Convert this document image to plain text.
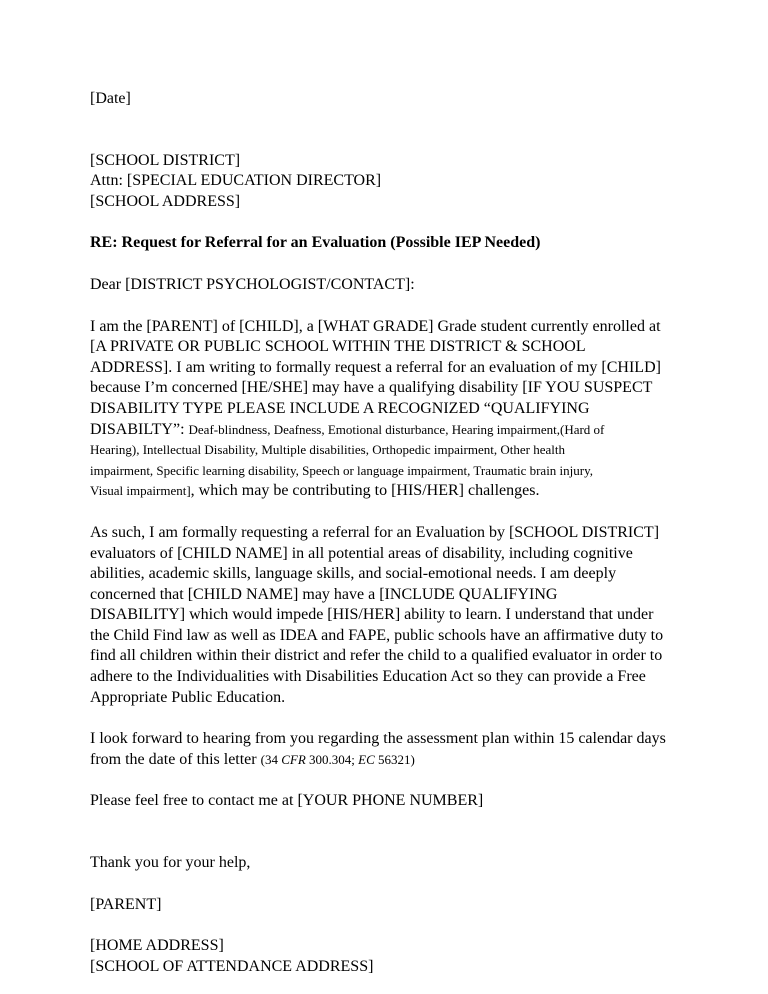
[Date]

[SCHOOL DISTRICT]
Attn: [SPECIAL EDUCATION DIRECTOR]
[SCHOOL ADDRESS]

RE: Request for Referral for an Evaluation (Possible IEP Needed)

Dear [DISTRICT PSYCHOLOGIST/CONTACT]:

I am the [PARENT] of [CHILD], a [WHAT GRADE] Grade student currently enrolled at
[A PRIVATE OR PUBLIC SCHOOL WITHIN THE DISTRICT & SCHOOL
ADDRESS]. I am writing to formally request a referral for an evaluation of my [CHILD]
because I’m concerned [HE/SHE] may have a qualifying disability [IF YOU SUSPECT
DISABILITY TYPE PLEASE INCLUDE A RECOGNIZED “QUALIFYING
DISABILTY”: Deaf-blindness, Deafness, Emotional disturbance, Hearing impairment,(Hard of
Hearing), Intellectual Disability, Multiple disabilities, Orthopedic impairment, Other health
impairment, Specific learning disability, Speech or language impairment, Traumatic brain injury,
Visual impairment], which may be contributing to [HIS/HER] challenges.
As such, I am formally requesting a referral for an Evaluation by [SCHOOL DISTRICT]
evaluators of [CHILD NAME] in all potential areas of disability, including cognitive
abilities, academic skills, language skills, and social-emotional needs. I am deeply
concerned that [CHILD NAME] may have a [INCLUDE QUALIFYING
DISABILITY] which would impede [HIS/HER] ability to learn. I understand that under
the Child Find law as well as IDEA and FAPE, public schools have an affirmative duty to
find all children within their district and refer the child to a qualified evaluator in order to
adhere to the Individualities with Disabilities Education Act so they can provide a Free
Appropriate Public Education.
I look forward to hearing from you regarding the assessment plan within 15 calendar days
from the date of this letter (34 CFR 300.304; EC 56321)

Please feel free to contact me at [YOUR PHONE NUMBER]

Thank you for your help,

[PARENT]

[HOME ADDRESS]
[SCHOOL OF ATTENDANCE ADDRESS]
